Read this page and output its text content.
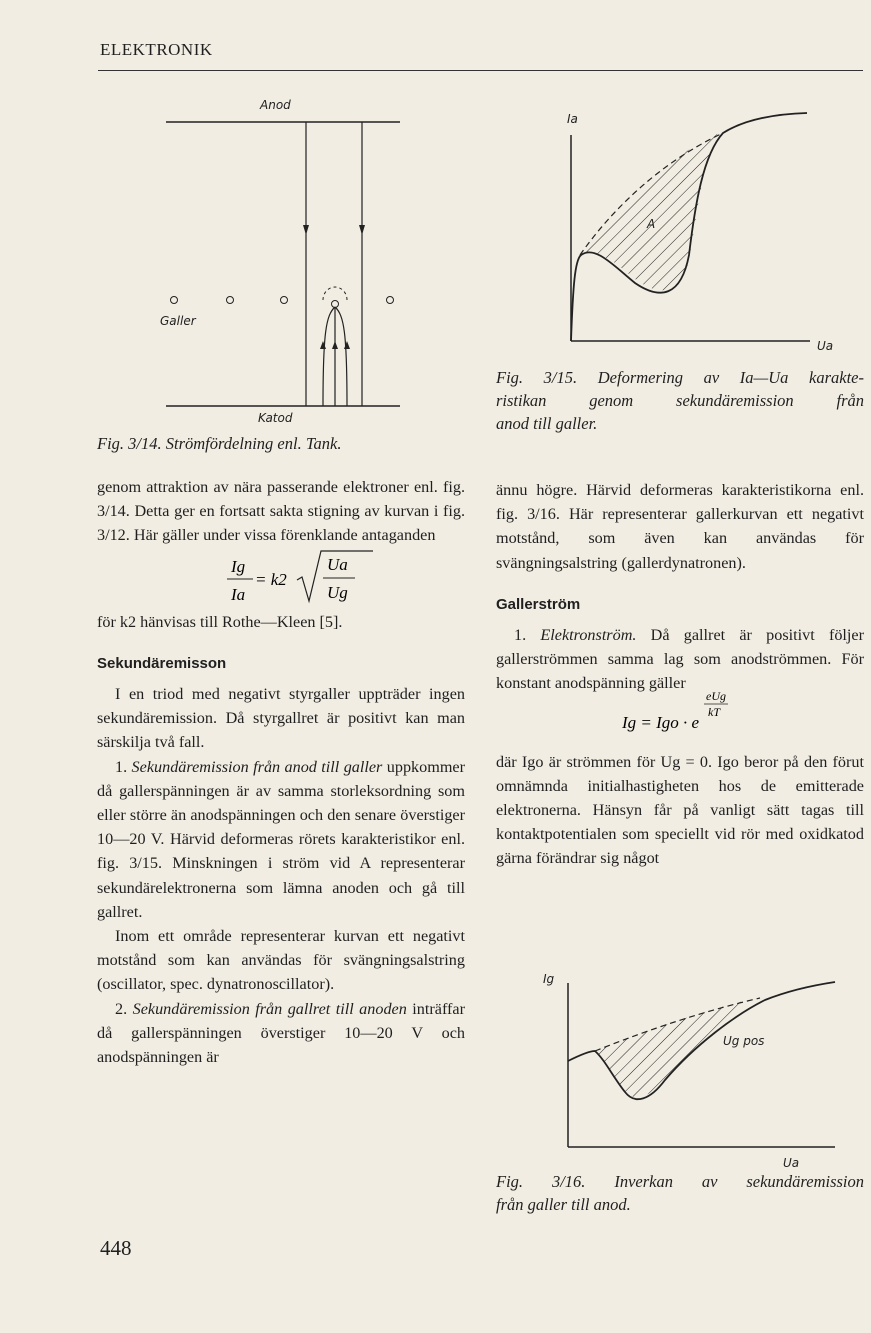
ELEKTRONIK
Anod
Galler
Katod
Fig. 3/14. Strömfördelning enl. Tank.
Ia
A
Ua
Fig. 3/15. Deformering av Ia—Ua karakte-
ristikan genom sekundäremission från
anod till galler.

genom attraktion av nära passerande elektroner enl. fig. 3/14. Detta ger en fortsatt sakta stigning av kurvan i fig. 3/12. Här gäller under vissa förenklande antaganden

Ig
Ia
= k2
Ua
Ug

för k2 hänvisas till Rothe—Kleen [5].

Sekundäremisson

I en triod med negativt styrgaller uppträder ingen sekundäremission. Då styrgallret är positivt kan man särskilja två fall.

1. Sekundäremission från anod till galler uppkommer då gallerspänningen är av samma storleksordning som eller större än anodspänningen och den senare överstiger 10—20 V. Härvid deformeras rörets karakteristikor enl. fig. 3/15. Minskningen i ström vid A representerar sekundärelektronerna som lämna anoden och gå till gallret.

Inom ett område representerar kurvan ett negativt motstånd som kan användas för svängningsalstring (oscillator, spec. dynatronoscillator).

2. Sekundäremission från gallret till anoden inträffar då gallerspänningen överstiger 10—20 V och anodspänningen är

ännu högre. Härvid deformeras karakteristikorna enl. fig. 3/16. Här representerar gallerkurvan ett negativt motstånd, som även kan användas för svängningsalstring (gallerdynatronen).

Gallerström

1. Elektronström. Då gallret är positivt följer gallerströmmen samma lag som anodströmmen. För konstant anodspänning gäller

Ig = Igo · e
eUg
kT

där Igo är strömmen för Ug = 0. Igo beror på den förut omnämnda initialhastigheten hos de emitterade elektronerna. Hänsyn får på vanligt sätt tagas till kontaktpotentialen som speciellt vid rör med oxidkatod gärna förändrar sig något

Ig
Ug pos
Ua
Fig. 3/16. Inverkan av sekundäremission
från galler till anod.
448
